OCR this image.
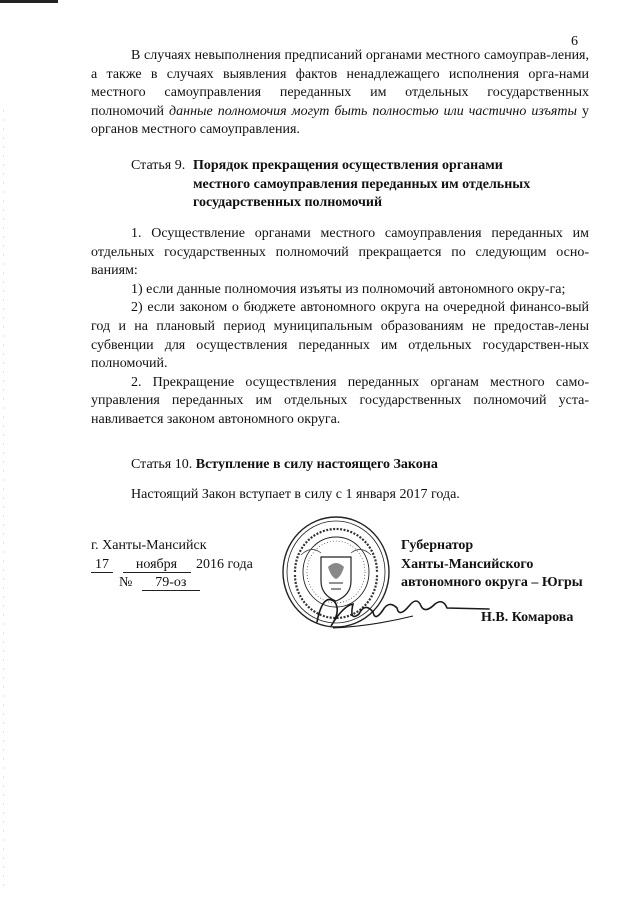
6

В случаях невыполнения предписаний органами местного самоуправ-ления, а также в случаях выявления фактов ненадлежащего исполнения орга-нами местного самоуправления переданных им отдельных государственных полномочий данные полномочия могут быть полностью или частично изъяты у органов местного самоуправления.

Статья 9. Порядок прекращения осуществления органами
местного самоуправления переданных им отдельных
государственных полномочий

1. Осуществление органами местного самоуправления переданных им отдельных государственных полномочий прекращается по следующим осно-ваниям:

1) если данные полномочия изъяты из полномочий автономного окру-га;

2) если законом о бюджете автономного округа на очередной финансо-вый год и на плановый период муниципальным образованиям не предостав-лены субвенции для осуществления переданных им отдельных государствен-ных полномочий.

2. Прекращение осуществления переданных органам местного само-управления переданных им отдельных государственных полномочий уста-навливается законом автономного округа.

Статья 10. Вступление в силу настоящего Закона

Настоящий Закон вступает в силу с 1 января 2017 года.

г. Ханты-Мансийск
17 ноября 2016 года
№ 79-оз
Губернатор
Ханты-Мансийского
автономного округа – Югры
Н.В. Комарова
